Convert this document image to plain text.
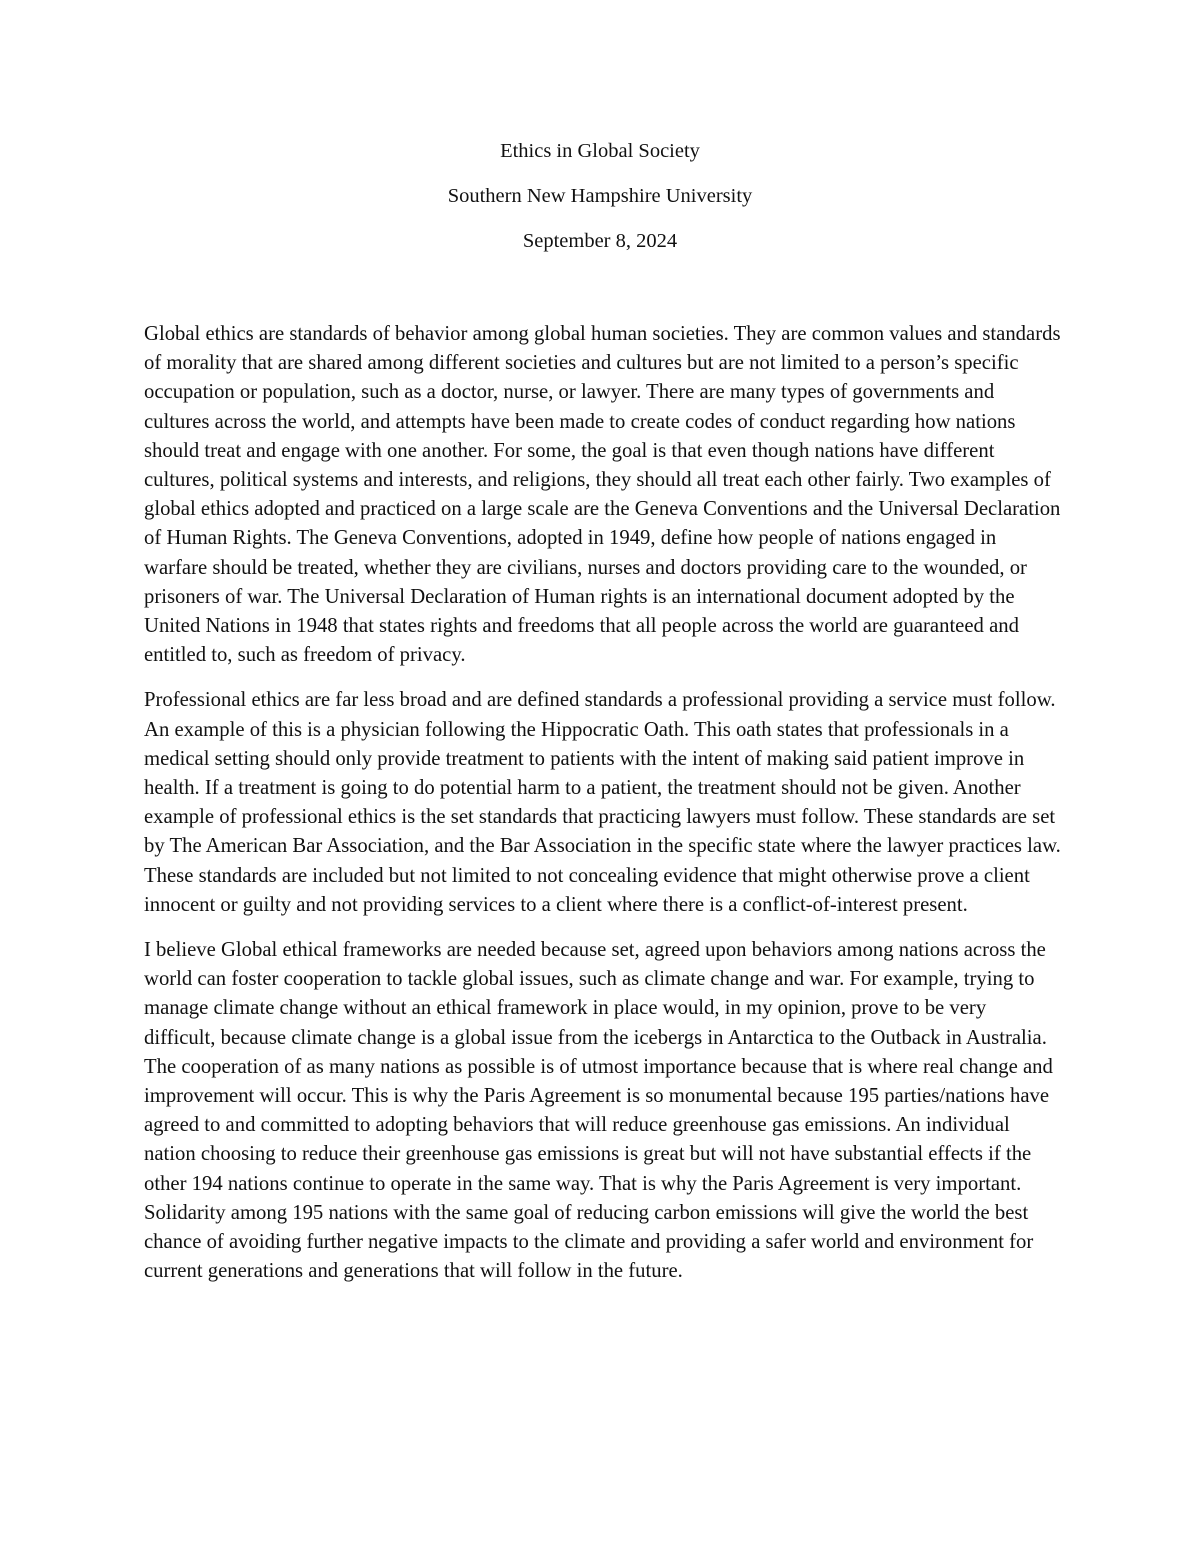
Ethics in Global Society

Southern New Hampshire University

September 8, 2024

Global ethics are standards of behavior among global human societies. They are common values and standards of morality that are shared among different societies and cultures but are not limited to a person’s specific occupation or population, such as a doctor, nurse, or lawyer. There are many types of governments and cultures across the world, and attempts have been made to create codes of conduct regarding how nations should treat and engage with one another. For some, the goal is that even though nations have different cultures, political systems and interests, and religions, they should all treat each other fairly. Two examples of global ethics adopted and practiced on a large scale are the Geneva Conventions and the Universal Declaration of Human Rights. The Geneva Conventions, adopted in 1949, define how people of nations engaged in warfare should be treated, whether they are civilians, nurses and doctors providing care to the wounded, or prisoners of war. The Universal Declaration of Human rights is an international document adopted by the United Nations in 1948 that states rights and freedoms that all people across the world are guaranteed and entitled to, such as freedom of privacy.

Professional ethics are far less broad and are defined standards a professional providing a service must follow. An example of this is a physician following the Hippocratic Oath. This oath states that professionals in a medical setting should only provide treatment to patients with the intent of making said patient improve in health. If a treatment is going to do potential harm to a patient, the treatment should not be given. Another example of professional ethics is the set standards that practicing lawyers must follow. These standards are set by The American Bar Association, and the Bar Association in the specific state where the lawyer practices law. These standards are included but not limited to not concealing evidence that might otherwise prove a client innocent or guilty and not providing services to a client where there is a conflict-of-interest present.

I believe Global ethical frameworks are needed because set, agreed upon behaviors among nations across the world can foster cooperation to tackle global issues, such as climate change and war. For example, trying to manage climate change without an ethical framework in place would, in my opinion, prove to be very difficult, because climate change is a global issue from the icebergs in Antarctica to the Outback in Australia. The cooperation of as many nations as possible is of utmost importance because that is where real change and improvement will occur. This is why the Paris Agreement is so monumental because 195 parties/nations have agreed to and committed to adopting behaviors that will reduce greenhouse gas emissions. An individual nation choosing to reduce their greenhouse gas emissions is great but will not have substantial effects if the other 194 nations continue to operate in the same way. That is why the Paris Agreement is very important. Solidarity among 195 nations with the same goal of reducing carbon emissions will give the world the best chance of avoiding further negative impacts to the climate and providing a safer world and environment for current generations and generations that will follow in the future.
